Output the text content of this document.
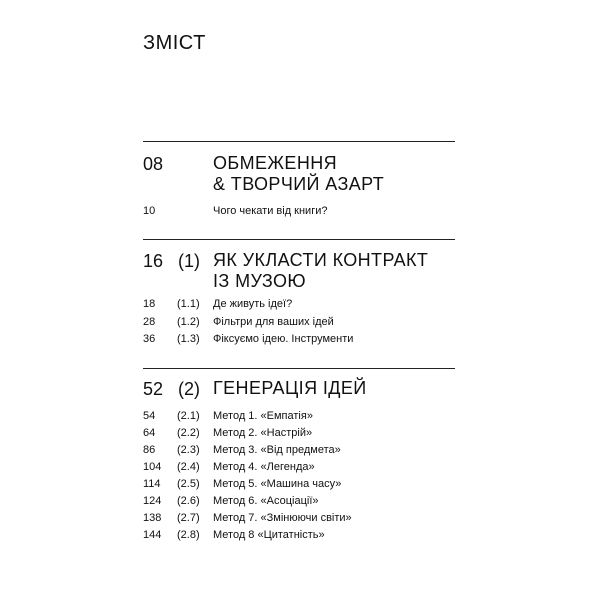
ЗМІСТ
08	ОБМЕЖЕННЯ
& ТВОРЧИЙ АЗАРТ
10	Чого чекати від книги?
16 (1) ЯК УКЛАСТИ КОНТРАКТ
ІЗ МУЗОЮ
18 (1.1) Де живуть ідеї?
28 (1.2) Фільтри для ваших ідей
36 (1.3) Фіксуємо ідею. Інструменти
52 (2) ГЕНЕРАЦІЯ ІДЕЙ
54 (2.1) Метод 1. «Емпатія»
64 (2.2) Метод 2. «Настрій»
86 (2.3) Метод 3. «Від предмета»
104 (2.4) Метод 4. «Легенда»
114 (2.5) Метод 5. «Машина часу»
124 (2.6) Метод 6. «Асоціації»
138 (2.7) Метод 7. «Змінюючи світи»
144 (2.8) Метод 8 «Цитатність»
